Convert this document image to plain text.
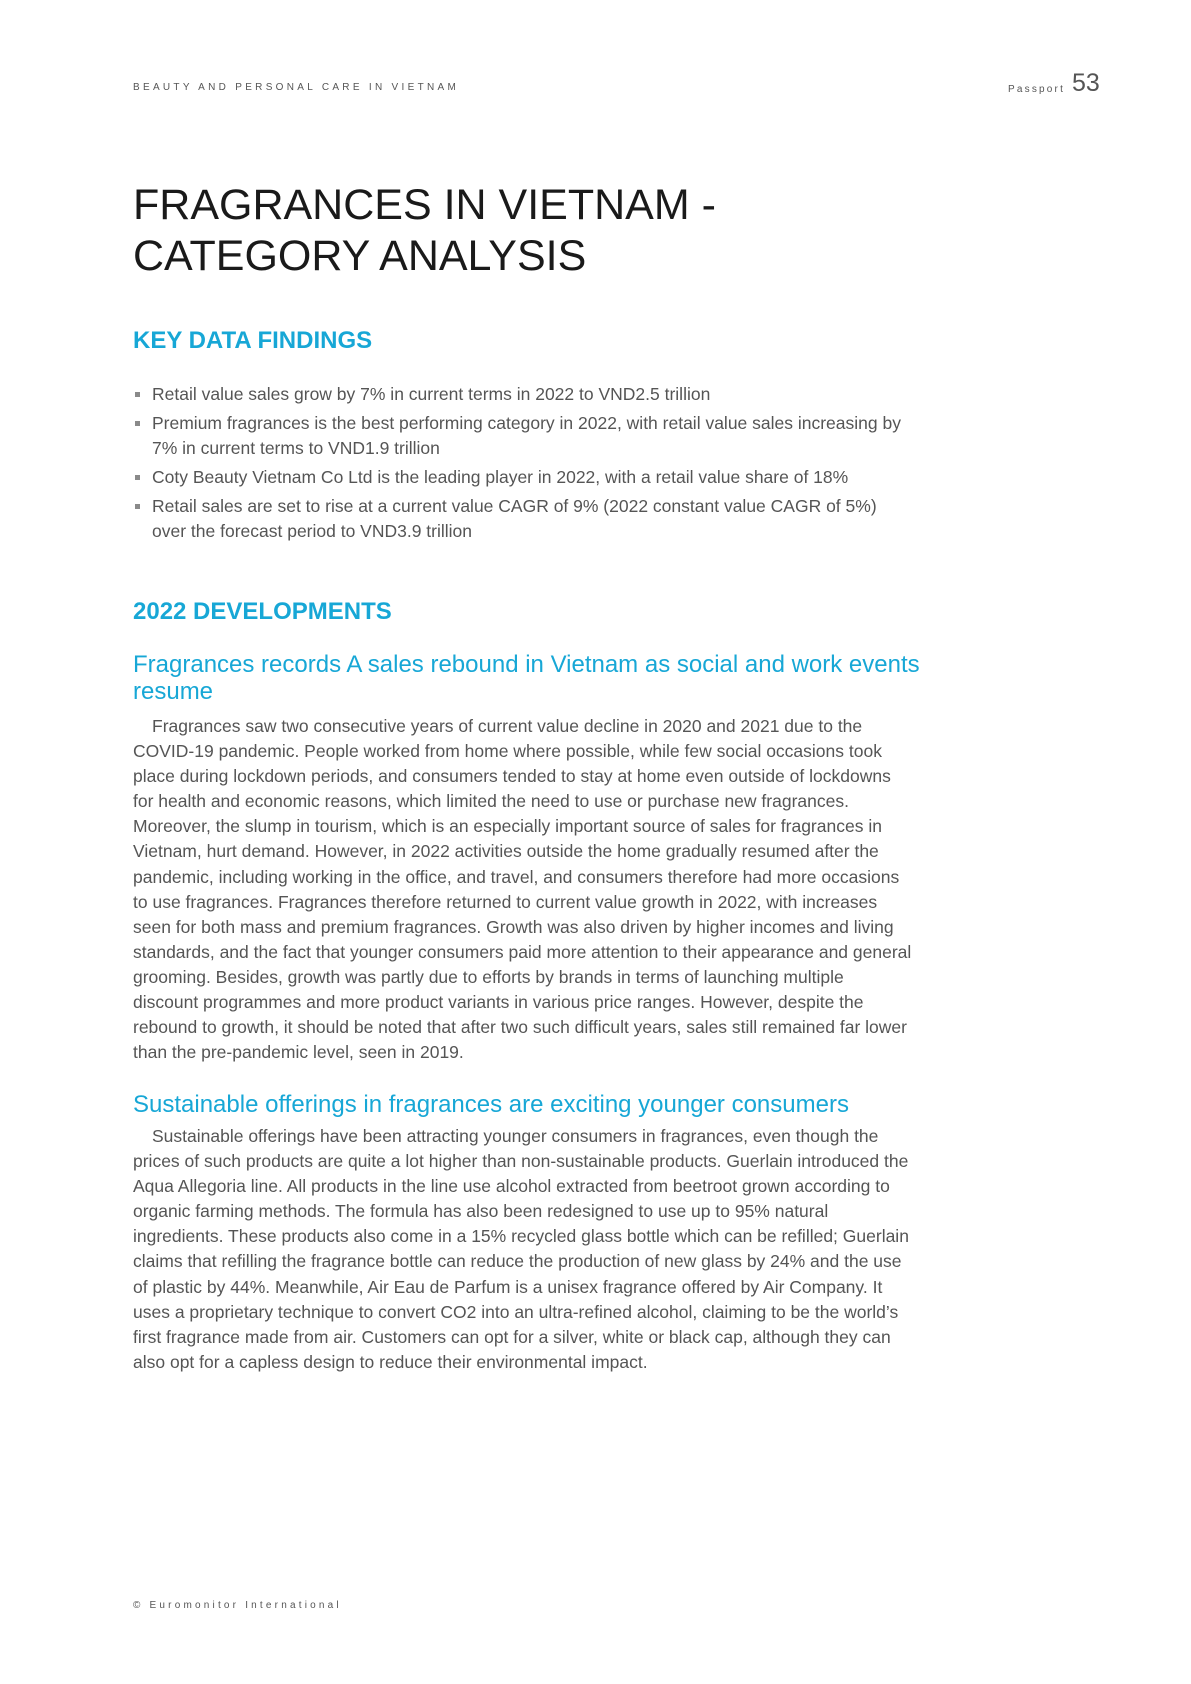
BEAUTY AND PERSONAL CARE IN VIETNAM	Passport 53
FRAGRANCES IN VIETNAM -
CATEGORY ANALYSIS
KEY DATA FINDINGS
Retail value sales grow by 7% in current terms in 2022 to VND2.5 trillion
Premium fragrances is the best performing category in 2022, with retail value sales increasing by 7% in current terms to VND1.9 trillion
Coty Beauty Vietnam Co Ltd is the leading player in 2022, with a retail value share of 18%
Retail sales are set to rise at a current value CAGR of 9% (2022 constant value CAGR of 5%) over the forecast period to VND3.9 trillion
2022 DEVELOPMENTS
Fragrances records A sales rebound in Vietnam as social and work events resume

Fragrances saw two consecutive years of current value decline in 2020 and 2021 due to the COVID-19 pandemic. People worked from home where possible, while few social occasions took place during lockdown periods, and consumers tended to stay at home even outside of lockdowns for health and economic reasons, which limited the need to use or purchase new fragrances. Moreover, the slump in tourism, which is an especially important source of sales for fragrances in Vietnam, hurt demand. However, in 2022 activities outside the home gradually resumed after the pandemic, including working in the office, and travel, and consumers therefore had more occasions to use fragrances. Fragrances therefore returned to current value growth in 2022, with increases seen for both mass and premium fragrances. Growth was also driven by higher incomes and living standards, and the fact that younger consumers paid more attention to their appearance and general grooming. Besides, growth was partly due to efforts by brands in terms of launching multiple discount programmes and more product variants in various price ranges. However, despite the rebound to growth, it should be noted that after two such difficult years, sales still remained far lower than the pre-pandemic level, seen in 2019.

Sustainable offerings in fragrances are exciting younger consumers

Sustainable offerings have been attracting younger consumers in fragrances, even though the prices of such products are quite a lot higher than non-sustainable products. Guerlain introduced the Aqua Allegoria line. All products in the line use alcohol extracted from beetroot grown according to organic farming methods. The formula has also been redesigned to use up to 95% natural ingredients. These products also come in a 15% recycled glass bottle which can be refilled; Guerlain claims that refilling the fragrance bottle can reduce the production of new glass by 24% and the use of plastic by 44%. Meanwhile, Air Eau de Parfum is a unisex fragrance offered by Air Company. It uses a proprietary technique to convert CO2 into an ultra-refined alcohol, claiming to be the world’s first fragrance made from air. Customers can opt for a silver, white or black cap, although they can also opt for a capless design to reduce their environmental impact.

© Euromonitor International
